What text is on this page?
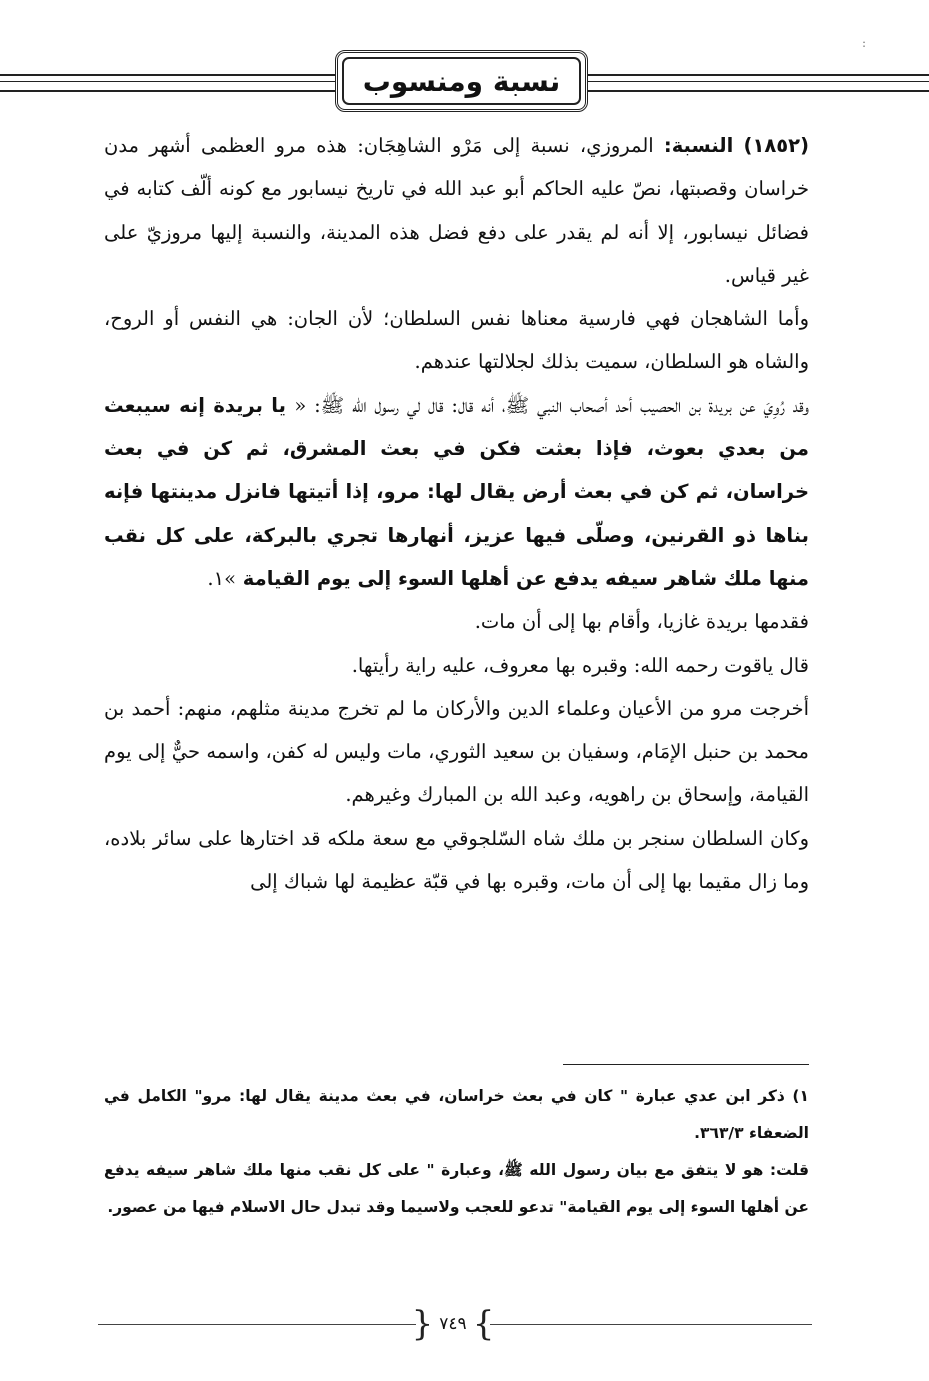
نسبة ومنسوب
:

(١٨٥٢) النسبة: المروزي، نسبة إلى مَرْو الشاهِجَان: هذه مرو العظمى أشهر مدن خراسان وقصبتها، نصّ عليه الحاكم أبو عبد الله في تاريخ نيسابور مع كونه ألّف كتابه في فضائل نيسابور، إلا أنه لم يقدر على دفع فضل هذه المدينة، والنسبة إليها مروزيّ على غير قياس.

وأما الشاهجان فهي فارسية معناها نفس السلطان؛ لأن الجان: هي النفس أو الروح، والشاه هو السلطان، سميت بذلك لجلالتها عندهم.

وقد رُوِيَ عن بريدة بن الحصيب أحد أصحاب النبي ﷺ، أنه قال: قال لي رسول الله ﷺ: « يا بريدة إنه سيبعث من بعدي بعوث، فإذا بعثت فكن في بعث المشرق، ثم كن في بعث خراسان، ثم كن في بعث أرض يقال لها: مرو، إذا أتيتها فانزل مدينتها فإنه بناها ذو القرنين، وصلّى فيها عزيز، أنهارها تجري بالبركة، على كل نقب منها ملك شاهر سيفه يدفع عن أهلها السوء إلى يوم القيامة »١.

فقدمها بريدة غازيا، وأقام بها إلى أن مات.

قال ياقوت رحمه الله: وقبره بها معروف، عليه راية رأيتها.

أخرجت مرو من الأعيان وعلماء الدين والأركان ما لم تخرج مدينة مثلهم، منهم: أحمد بن محمد بن حنبل الإمَام، وسفيان بن سعيد الثوري، مات وليس له كفن، واسمه حيٌّ إلى يوم القيامة، وإسحاق بن راهويه، وعبد الله بن المبارك وغيرهم.

وكان السلطان سنجر بن ملك شاه السّلجوقي مع سعة ملكه قد اختارها على سائر بلاده، وما زال مقيما بها إلى أن مات، وقبره بها في قبّة عظيمة لها شباك إلى

١) ذكر ابن عدي عبارة " كان في بعث خراسان، في بعث مدينة يقال لها: مرو" الكامل في الضعفاء ٣٦٣/٣.

قلت: هو لا يتفق مع بيان رسول الله ﷺ، وعبارة " على كل نقب منها ملك شاهر سيفه يدفع عن أهلها السوء إلى يوم القيامة" تدعو للعجب ولاسيما وقد تبدل حال الاسلام فيها من عصور.

}
٧٤٩
{
